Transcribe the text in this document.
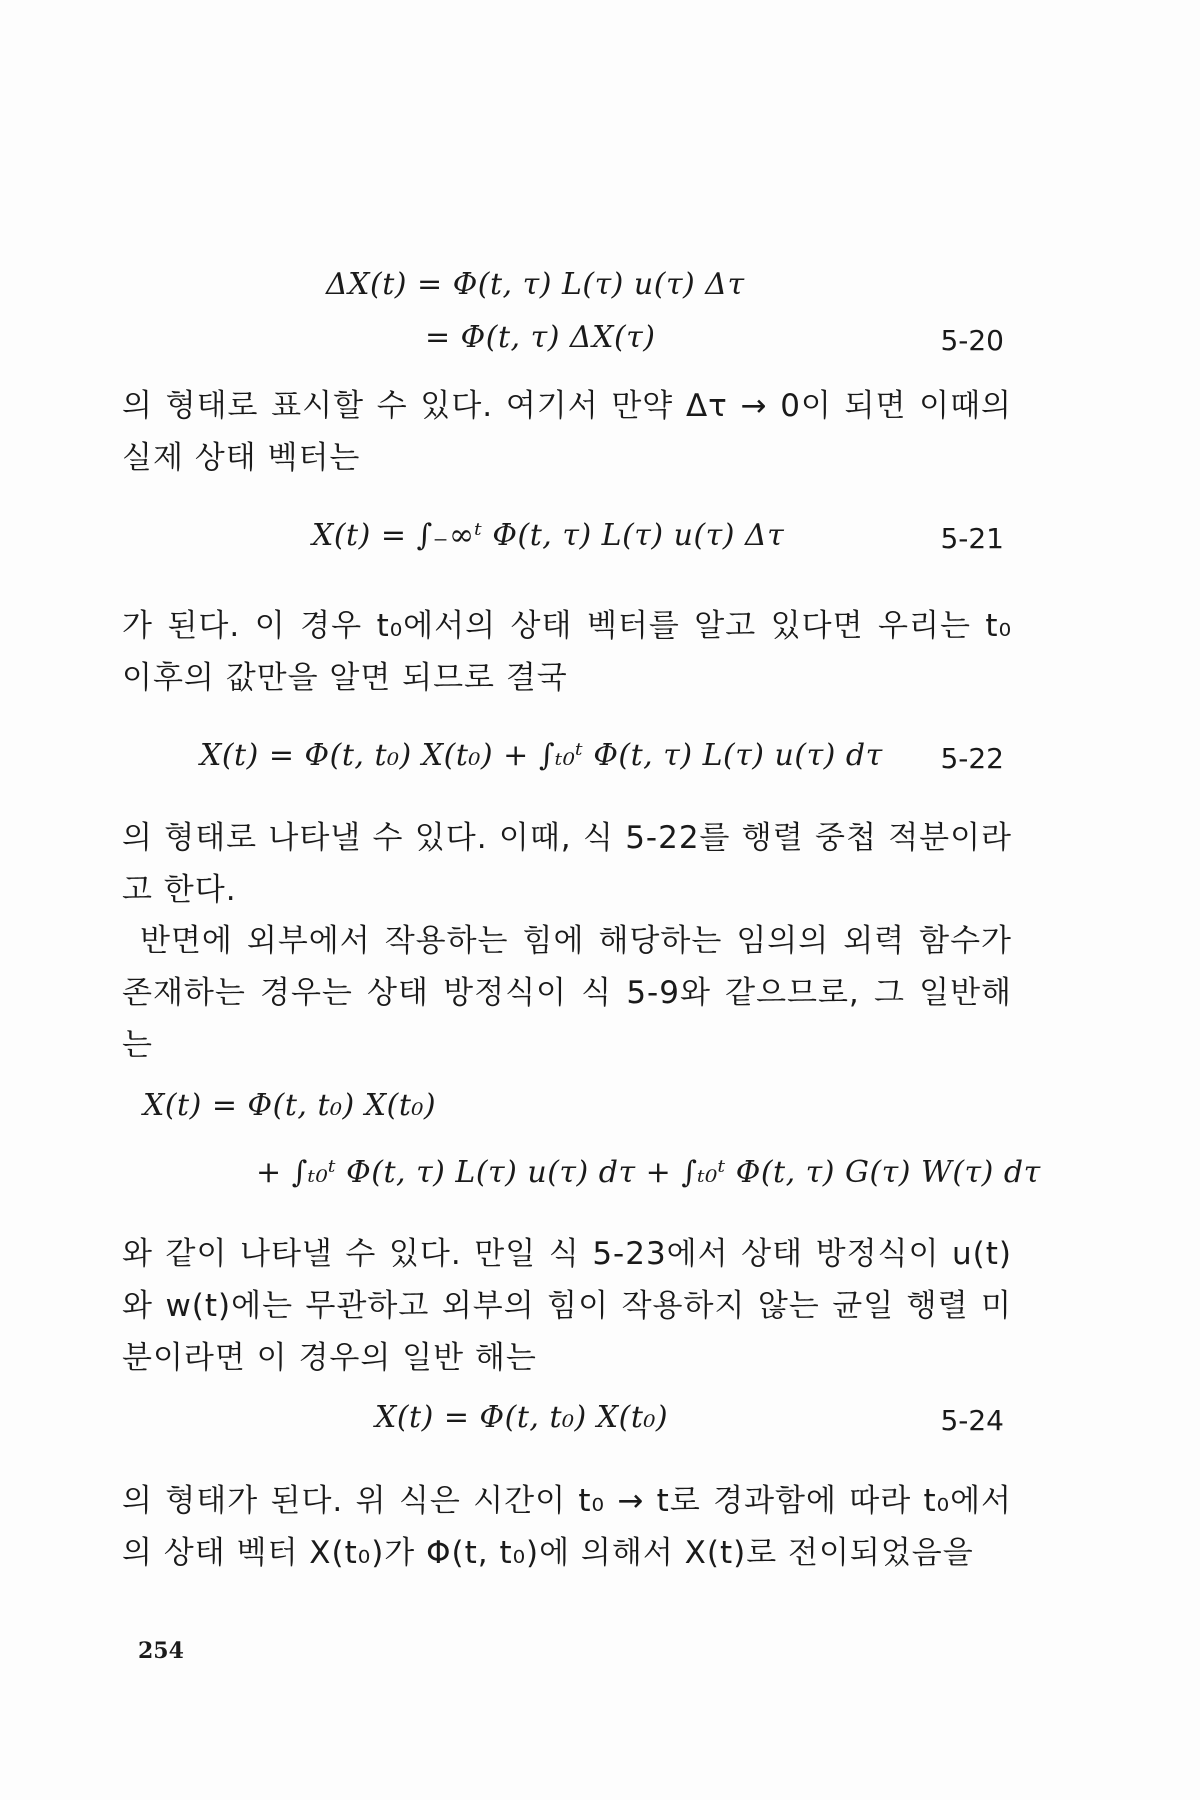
ΔX(t) = Φ(t, τ) L(τ) u(τ) Δτ
= Φ(t, τ) ΔX(τ)	5-20
의 형태로 표시할 수 있다. 여기서 만약 Δτ → 0이 되면 이때의 실제 상태 벡터는
X(t) = ∫₋∞ᵗ Φ(t, τ) L(τ) u(τ) Δτ	5-21
가 된다. 이 경우 t₀에서의 상태 벡터를 알고 있다면 우리는 t₀ 이후의 값만을 알면 되므로 결국
X(t) = Φ(t, t₀) X(t₀) + ∫ₜ₀ᵗ Φ(t, τ) L(τ) u(τ) dτ 5-22
의 형태로 나타낼 수 있다. 이때, 식 5-22를 행렬 중첩 적분이라고 한다.
반면에 외부에서 작용하는 힘에 해당하는 임의의 외력 함수가 존재하는 경우는 상태 방정식이 식 5-9와 같으므로, 그 일반해는
X(t) = Φ(t, t₀) X(t₀)
+ ∫ₜ₀ᵗ Φ(t, τ) L(τ) u(τ) dτ + ∫ₜ₀ᵗ Φ(t, τ) G(τ) W(τ) dτ
와 같이 나타낼 수 있다. 만일 식 5-23에서 상태 방정식이 u(t)와 w(t)에는 무관하고 외부의 힘이 작용하지 않는 균일 행렬 미분이라면 이 경우의 일반 해는
X(t) = Φ(t, t₀) X(t₀)	5-24
의 형태가 된다. 위 식은 시간이 t₀ → t로 경과함에 따라 t₀에서의 상태 벡터 X(t₀)가 Φ(t, t₀)에 의해서 X(t)로 전이되었음을
254
